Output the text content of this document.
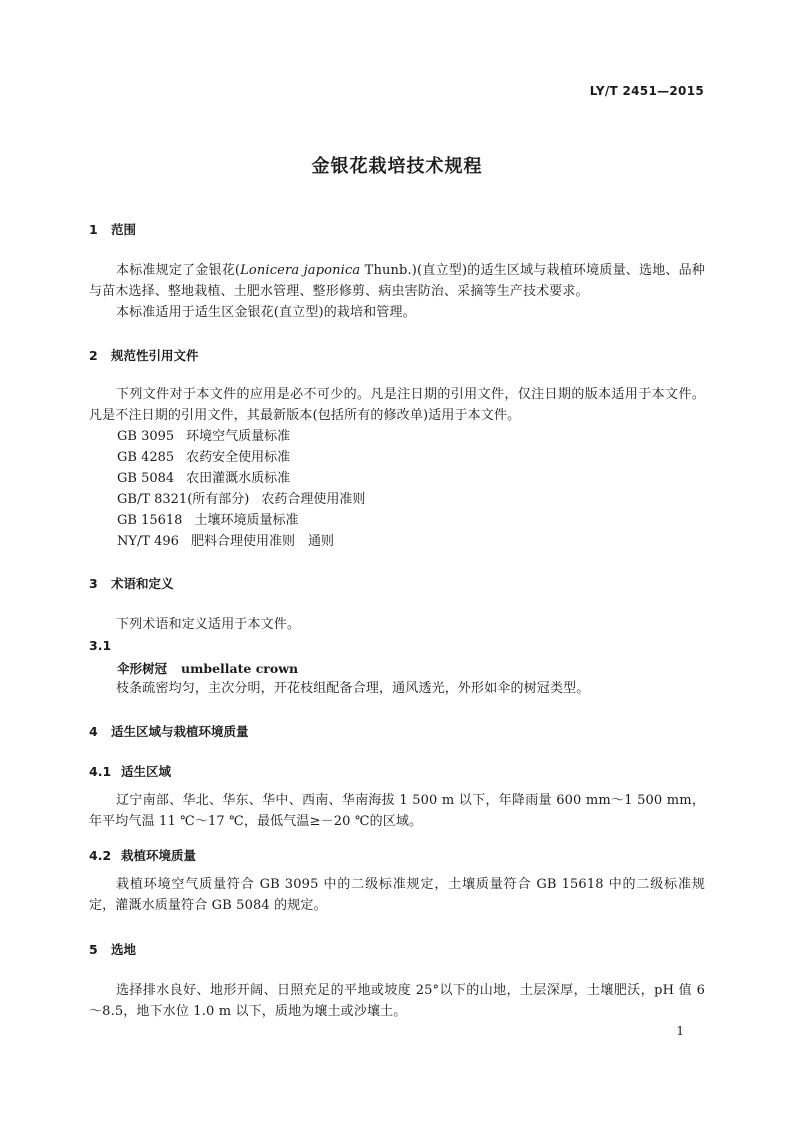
LY/T 2451—2015
金银花栽培技术规程
1 范围
本标准规定了金银花(Lonicera japonica Thunb.)(直立型)的适生区域与栽植环境质量、选地、品种与苗木选择、整地栽植、土肥水管理、整形修剪、病虫害防治、采摘等生产技术要求。
本标准适用于适生区金银花(直立型)的栽培和管理。
2 规范性引用文件
下列文件对于本文件的应用是必不可少的。凡是注日期的引用文件，仅注日期的版本适用于本文件。凡是不注日期的引用文件，其最新版本(包括所有的修改单)适用于本文件。
GB 3095 环境空气质量标准
GB 4285 农药安全使用标准
GB 5084 农田灌溉水质标准
GB/T 8321(所有部分) 农药合理使用准则
GB 15618 土壤环境质量标准
NY/T 496 肥料合理使用准则　通则
3 术语和定义
下列术语和定义适用于本文件。
3.1
伞形树冠 umbellate crown
枝条疏密均匀，主次分明，开花枝组配备合理，通风透光，外形如伞的树冠类型。
4 适生区域与栽植环境质量
4.1 适生区域
辽宁南部、华北、华东、华中、西南、华南海拔 1 500 m 以下，年降雨量 600 mm～1 500 mm，年平均气温 11 ℃～17 ℃，最低气温≥－20 ℃的区域。
4.2 栽植环境质量
栽植环境空气质量符合 GB 3095 中的二级标准规定，土壤质量符合 GB 15618 中的二级标准规定，灌溉水质量符合 GB 5084 的规定。
5 选地
选择排水良好、地形开阔、日照充足的平地或坡度 25°以下的山地，土层深厚，土壤肥沃，pH 值 6～8.5，地下水位 1.0 m 以下，质地为壤土或沙壤土。
1
